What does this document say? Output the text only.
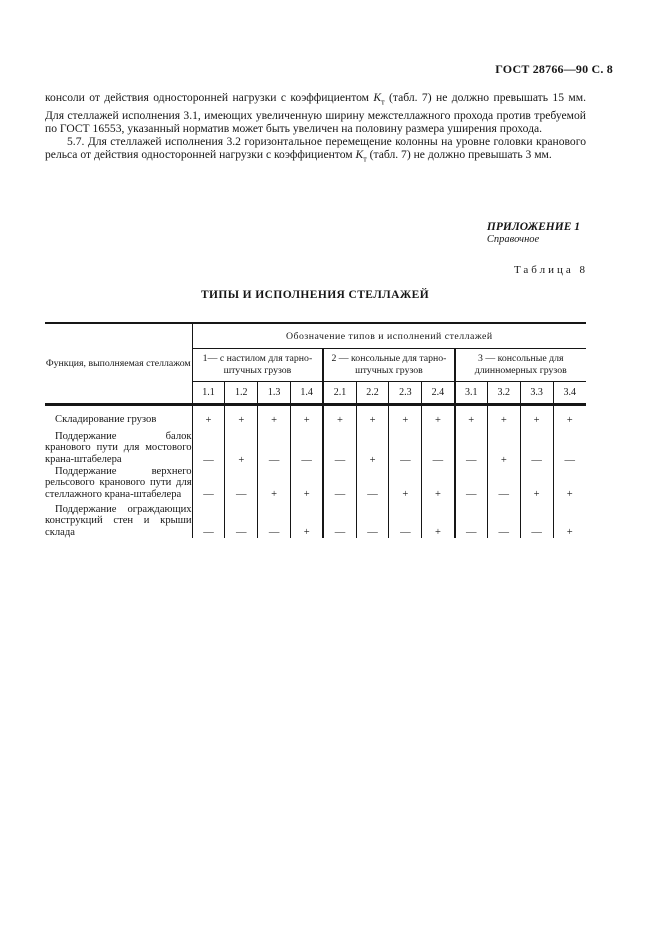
ГОСТ 28766—90 С. 8

консоли от действия односторонней нагрузки с коэффициентом $К_т$ (табл. 7) не должно превышать 15 мм. Для стеллажей исполнения 3.1, имеющих увеличенную ширину межстеллажного прохода против требуемой по ГОСТ 16553, указанный норматив может быть увеличен на половину размера уширения прохода.

5.7. Для стеллажей исполнения 3.2 горизонтальное перемещение колонны на уровне головки кранового рельса от действия односторонней нагрузки с коэффициентом $К_т$ (табл. 7) не должно превышать 3 мм.

ПРИЛОЖЕНИЕ 1
Справочное
Таблица 8
ТИПЫ И ИСПОЛНЕНИЯ СТЕЛЛАЖЕЙ
Функция, выполняемая стеллажом	Обозначение типов и исполнений стеллажей											
	1— с настилом для тарно-штучных грузов				2 — консольные для тарно-штучных грузов				3 — консольные для длинномерных грузов			
	1.1	1.2	1.3	1.4	2.1	2.2	2.3	2.4	3.1	3.2	3.3	3.4
Складирование грузов	+	+	+	+	+	+	+	+	+	+	+	+
Поддержание балок кранового пути для мостового крана-штабелера	—	+	—	—	—	+	—	—	—	+	—	—
Поддержание верхнего рельсового кранового пути для стеллажного крана-штабелера	—	—	+	+	—	—	+	+	—	—	+	+
Поддержание ограждающих конструкций стен и крыши склада	—	—	—	+	—	—	—	+	—	—	—	+
